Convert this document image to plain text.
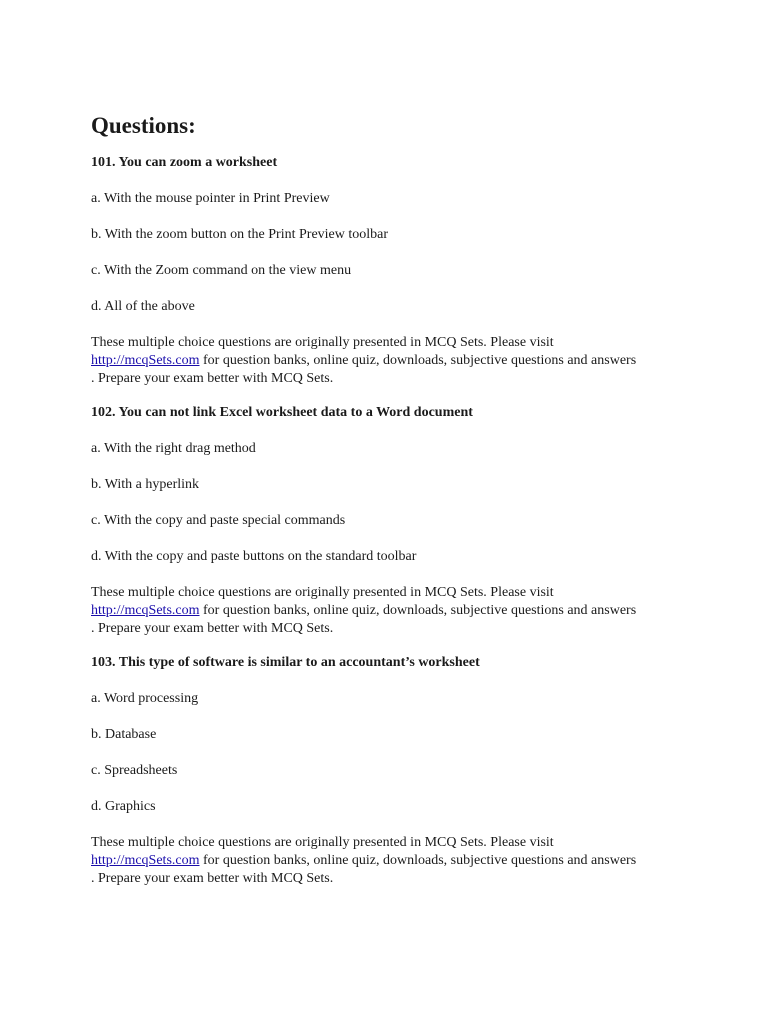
Questions:
101. You can zoom a worksheet
a. With the mouse pointer in Print Preview
b. With the zoom button on the Print Preview toolbar
c. With the Zoom command on the view menu
d. All of the above
These multiple choice questions are originally presented in MCQ Sets. Please visit
http://mcqSets.com for question banks, online quiz, downloads, subjective questions and answers
. Prepare your exam better with MCQ Sets.
102. You can not link Excel worksheet data to a Word document
a. With the right drag method
b. With a hyperlink
c. With the copy and paste special commands
d. With the copy and paste buttons on the standard toolbar
These multiple choice questions are originally presented in MCQ Sets. Please visit
http://mcqSets.com for question banks, online quiz, downloads, subjective questions and answers
. Prepare your exam better with MCQ Sets.
103. This type of software is similar to an accountant’s worksheet
a. Word processing
b. Database
c. Spreadsheets
d. Graphics
These multiple choice questions are originally presented in MCQ Sets. Please visit
http://mcqSets.com for question banks, online quiz, downloads, subjective questions and answers
. Prepare your exam better with MCQ Sets.
